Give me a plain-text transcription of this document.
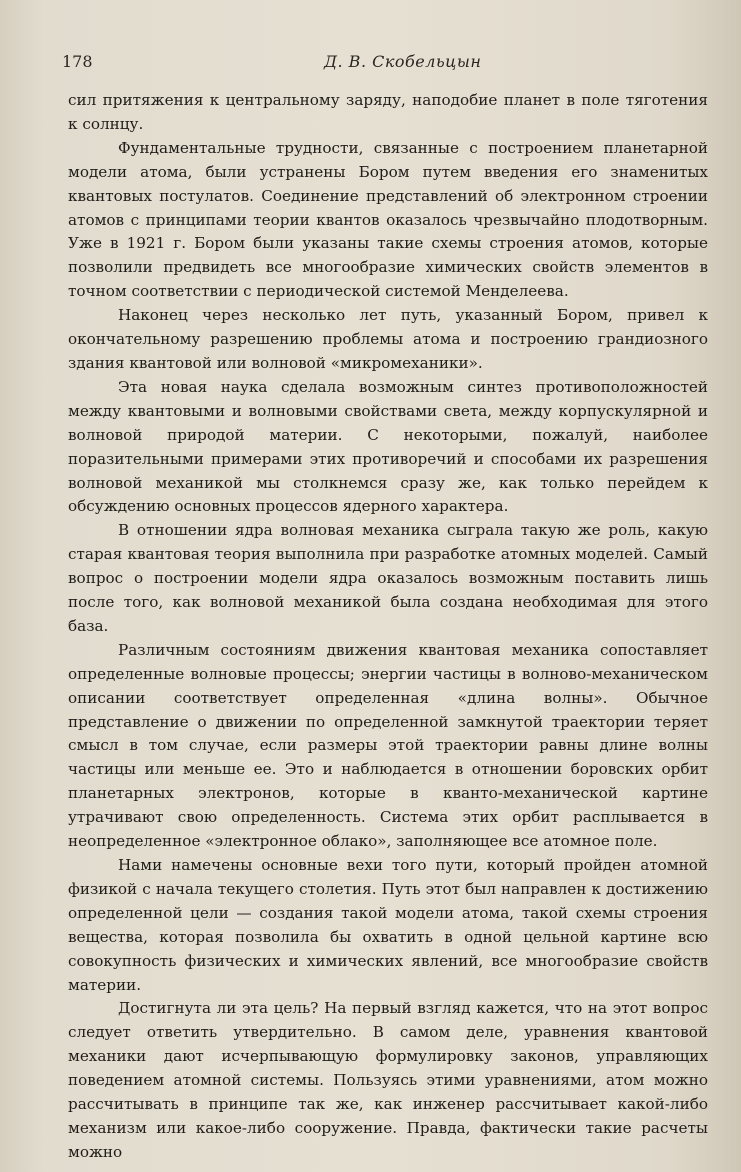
178	Д. В. Скобельцын

сил притяжения к центральному заряду, наподобие планет в поле тяготения к солнцу.

Фундаментальные трудности, связанные с построением планетарной модели атома, были устранены Бором путем введения его знаменитых квантовых постулатов. Соединение представлений об электронном строении атомов с принципами теории квантов оказалось чрезвычайно плодотворным. Уже в 1921 г. Бором были указаны такие схемы строения атомов, которые позволили предвидеть все многообразие химических свойств элементов в точном соответствии с периодической системой Менделеева.

Наконец через несколько лет путь, указанный Бором, привел к окончательному разрешению проблемы атома и построению грандиозного здания квантовой или волновой «микромеханики».

Эта новая наука сделала возможным синтез противоположностей между квантовыми и волновыми свойствами света, между корпускулярной и волновой природой материи. С некоторыми, пожалуй, наиболее поразительными примерами этих противоречий и способами их разрешения волновой механикой мы столкнемся сразу же, как только перейдем к обсуждению основных процессов ядерного характера.

В отношении ядра волновая механика сыграла такую же роль, какую старая квантовая теория выполнила при разработке атомных моделей. Самый вопрос о построении модели ядра оказалось возможным поставить лишь после того, как волновой механикой была создана необходимая для этого база.

Различным состояниям движения квантовая механика сопоставляет определенные волновые процессы; энергии частицы в волново-механическом описании соответствует определенная «длина волны». Обычное представление о движении по определенной замкнутой траектории теряет смысл в том случае, если размеры этой траектории равны длине волны частицы или меньше ее. Это и наблюдается в отношении боровских орбит планетарных электронов, которые в кванто-механической картине утрачивают свою определенность. Система этих орбит расплывается в неопределенное «электронное облако», заполняющее все атомное поле.

Нами намечены основные вехи того пути, который пройден атомной физикой с начала текущего столетия. Путь этот был направлен к достижению определенной цели — создания такой модели атома, такой схемы строения вещества, которая позволила бы охватить в одной цельной картине всю совокупность физических и химических явлений, все многообразие свойств материи.

Достигнута ли эта цель? На первый взгляд кажется, что на этот вопрос следует ответить утвердительно. В самом деле, уравнения квантовой механики дают исчерпывающую формулировку законов, управляющих поведением атомной системы. Пользуясь этими уравнениями, атом можно рассчитывать в принципе так же, как инженер рассчитывает какой-либо механизм или какое-либо сооружение. Правда, фактически такие расчеты можно
